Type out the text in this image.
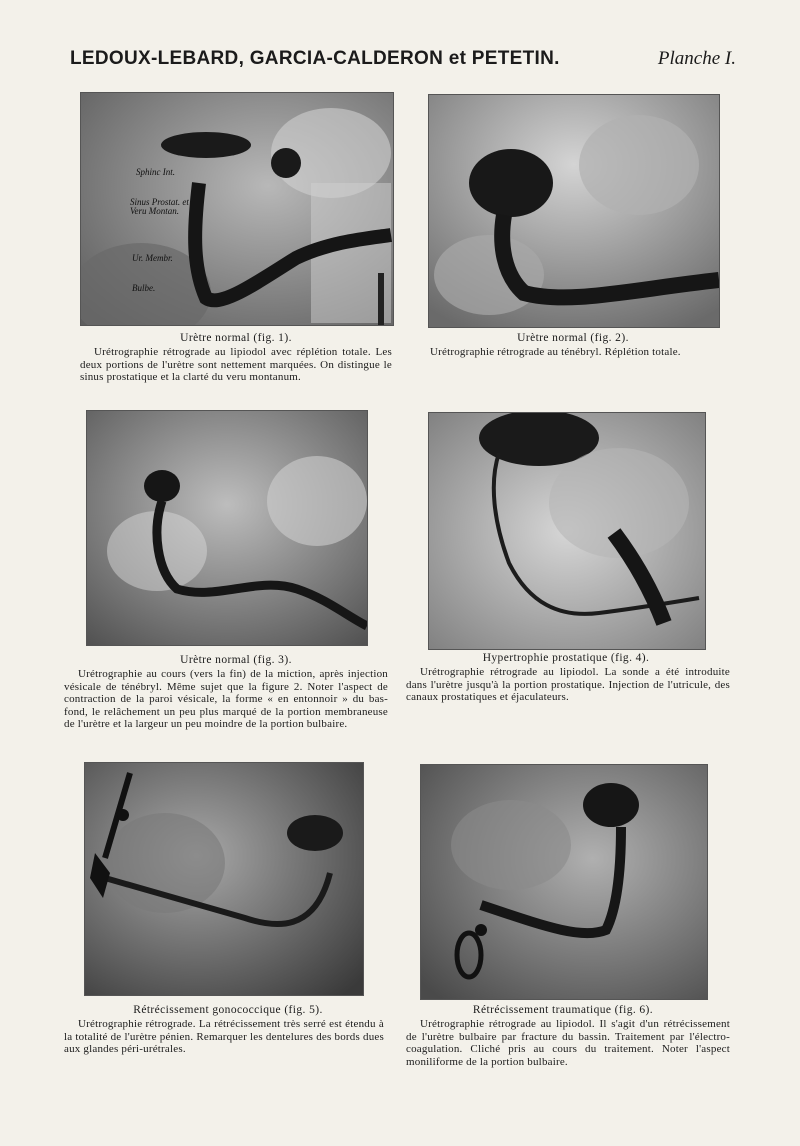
LEDOUX-LEBARD, GARCIA-CALDERON et PETETIN.	Planche I.
Sphinc Int.
Sinus Prostat. et Veru Montan.
Ur. Membr.
Bulbe.
Urètre normal (fig. 1).
Urétrographie rétrograde au lipiodol avec réplétion totale. Les deux portions de l'urètre sont nettement marquées. On distingue le sinus prostatique et la clarté du veru montanum.
Urètre normal (fig. 2).
Urétrographie rétrograde au ténébryl. Réplétion totale.
Urètre normal (fig. 3).
Urétrographie au cours (vers la fin) de la miction, après injection vésicale de ténébryl. Même sujet que la figure 2. Noter l'aspect de contraction de la paroi vésicale, la forme « en entonnoir » du bas-fond, le relâchement un peu plus marqué de la portion membraneuse de l'urètre et la largeur un peu moindre de la portion bulbaire.
Hypertrophie prostatique (fig. 4).
Urétrographie rétrograde au lipiodol. La sonde a été introduite dans l'urètre jusqu'à la portion prostatique. Injection de l'utricule, des canaux prostatiques et éjaculateurs.
Rétrécissement gonococcique (fig. 5).
Urétrographie rétrograde. La rétrécissement très serré est étendu à la totalité de l'urètre pénien. Remarquer les dentelures des bords dues aux glandes péri-urétrales.
Rétrécissement traumatique (fig. 6).
Urétrographie rétrograde au lipiodol. Il s'agit d'un rétrécissement de l'urètre bulbaire par fracture du bassin. Traitement par l'électro-coagulation. Cliché pris au cours du traitement. Noter l'aspect moniliforme de la portion bulbaire.
